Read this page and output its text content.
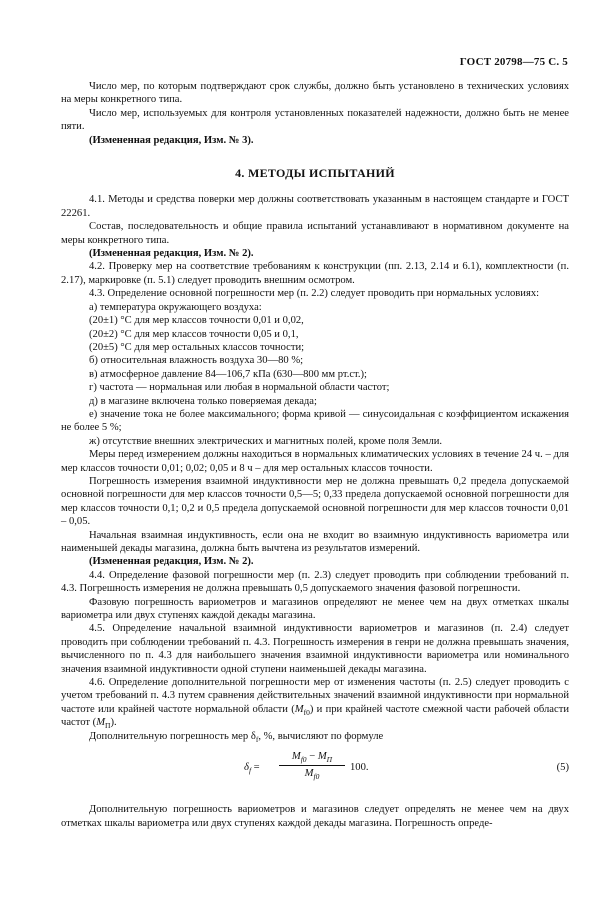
ГОСТ 20798—75 С. 5

Число мер, по которым подтверждают срок службы, должно быть установлено в технических условиях на меры конкретного типа.

Число мер, используемых для контроля установленных показателей надежности, должно быть не менее пяти.

(Измененная редакция, Изм. № 3).

4. МЕТОДЫ ИСПЫТАНИЙ

4.1. Методы и средства поверки мер должны соответствовать указанным в настоящем стандарте и ГОСТ 22261.

Состав, последовательность и общие правила испытаний устанавливают в нормативном документе на меры конкретного типа.

(Измененная редакция, Изм. № 2).

4.2. Проверку мер на соответствие требованиям к конструкции (пп. 2.13, 2.14 и 6.1), комплектности (п. 2.17), маркировке (п. 5.1) следует проводить внешним осмотром.

4.3. Определение основной погрешности мер (п. 2.2) следует проводить при нормальных условиях:

а) температура окружающего воздуха:

(20±1) °С для мер классов точности 0,01 и 0,02,

(20±2) °С для мер классов точности 0,05 и 0,1,

(20±5) °С для мер остальных классов точности;

б) относительная влажность воздуха 30—80 %;

в) атмосферное давление 84—106,7 кПа (630—800 мм рт.ст.);

г) частота — нормальная или любая в нормальной области частот;

д) в магазине включена только поверяемая декада;

е) значение тока не более максимального; форма кривой — синусоидальная с коэффициентом искажения не более 5 %;

ж) отсутствие внешних электрических и магнитных полей, кроме поля Земли.

Меры перед измерением должны находиться в нормальных климатических условиях в течение 24 ч. – для мер классов точности 0,01; 0,02; 0,05 и 8 ч – для мер остальных классов точности.

Погрешность измерения взаимной индуктивности мер не должна превышать 0,2 предела допускаемой основной погрешности для мер классов точности 0,5—5; 0,33 предела допускаемой основной погрешности для мер классов точности 0,1; 0,2 и 0,5 предела допускаемой основной погрешности для мер классов точности 0,01 – 0,05.

Начальная взаимная индуктивность, если она не входит во взаимную индуктивность вариометра или наименьшей декады магазина, должна быть вычтена из результатов измерений.

(Измененная редакция, Изм. № 2).

4.4. Определение фазовой погрешности мер (п. 2.3) следует проводить при соблюдении требований п. 4.3. Погрешность измерения не должна превышать 0,5 допускаемого значения фазовой погрешности.

Фазовую погрешность вариометров и магазинов определяют не менее чем на двух отметках шкалы вариометра или двух ступенях каждой декады магазина.

4.5. Определение начальной взаимной индуктивности вариометров и магазинов (п. 2.4) следует проводить при соблюдении требований п. 4.3. Погрешность измерения в генри не должна превышать значения, вычисленного по п. 4.3 для наибольшего значения взаимной индуктивности вариометра или номинального значения взаимной индуктивности одной ступени наименьшей декады магазина.

4.6. Определение дополнительной погрешности мер от изменения частоты (п. 2.5) следует проводить с учетом требований п. 4.3 путем сравнения действительных значений взаимной индуктивности при нормальной частоте или крайней частоте нормальной области $(M_{f0})$ и при крайней частоте смежной части рабочей области частот $(M_П)$.

Дополнительную погрешность мер $\delta_f$, %, вычисляют по формуле

$\delta_f$ =
$M_{f0} - M_П$
$M_{f0}$
100.	(5)

Дополнительную погрешность вариометров и магазинов следует определять не менее чем на двух отметках шкалы вариометра или двух ступенях каждой декады магазина. Погрешность опреде-
